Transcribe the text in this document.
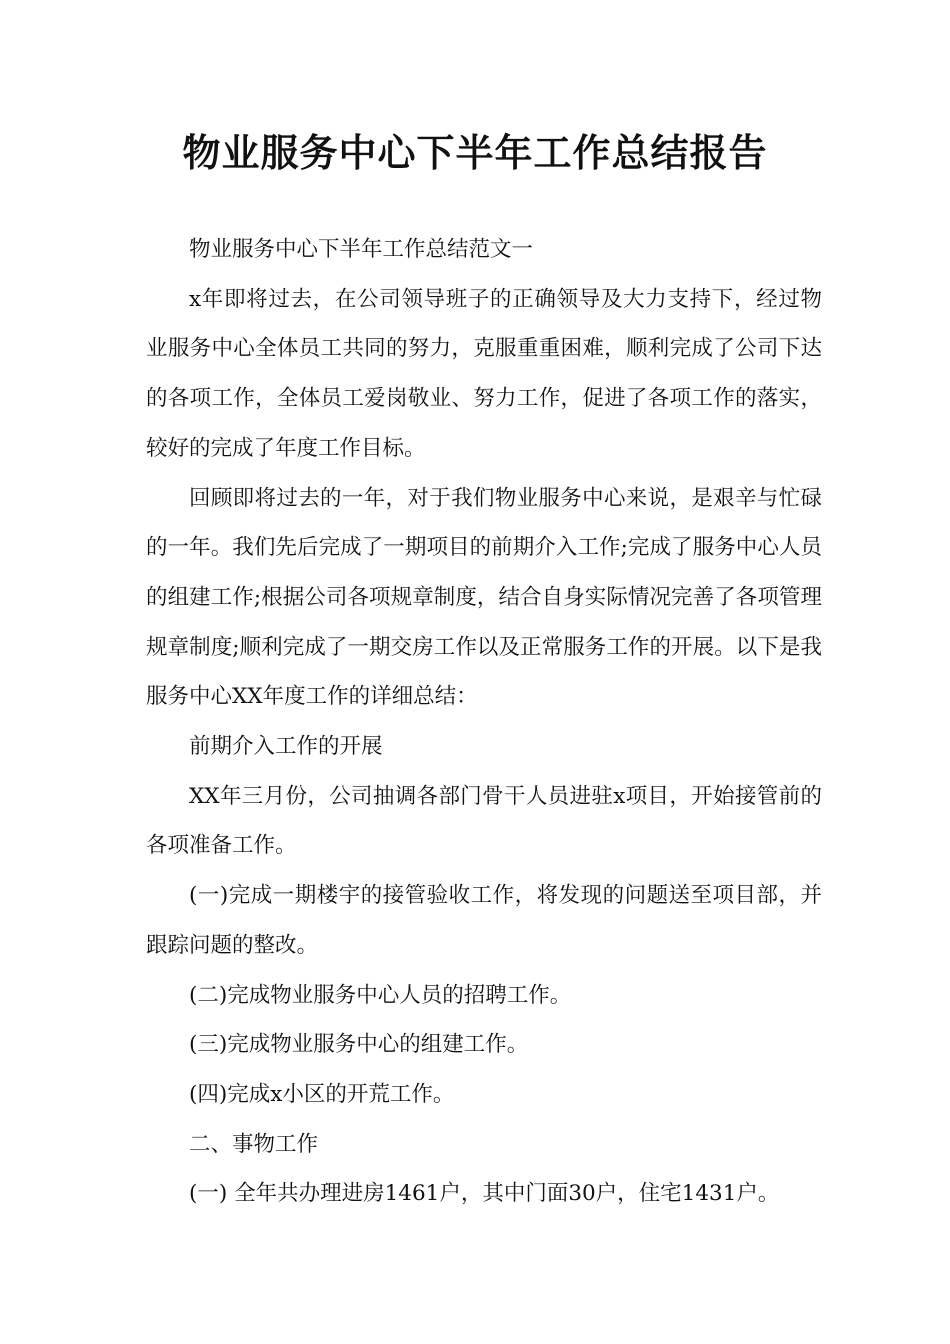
物业服务中心下半年工作总结报告

物业服务中心下半年工作总结范文一

x年即将过去，在公司领导班子的正确领导及大力支持下，经过物业服务中心全体员工共同的努力，克服重重困难，顺利完成了公司下达的各项工作，全体员工爱岗敬业、努力工作，促进了各项工作的落实，较好的完成了年度工作目标。

回顾即将过去的一年，对于我们物业服务中心来说，是艰辛与忙碌的一年。我们先后完成了一期项目的前期介入工作;完成了服务中心人员的组建工作;根据公司各项规章制度，结合自身实际情况完善了各项管理规章制度;顺利完成了一期交房工作以及正常服务工作的开展。以下是我服务中心XX年度工作的详细总结：

前期介入工作的开展

XX年三月份，公司抽调各部门骨干人员进驻x项目，开始接管前的各项准备工作。

(一)完成一期楼宇的接管验收工作，将发现的问题送至项目部，并跟踪问题的整改。

(二)完成物业服务中心人员的招聘工作。

(三)完成物业服务中心的组建工作。

(四)完成x小区的开荒工作。

二、事物工作

(一) 全年共办理进房1461户，其中门面30户，住宅1431户。
